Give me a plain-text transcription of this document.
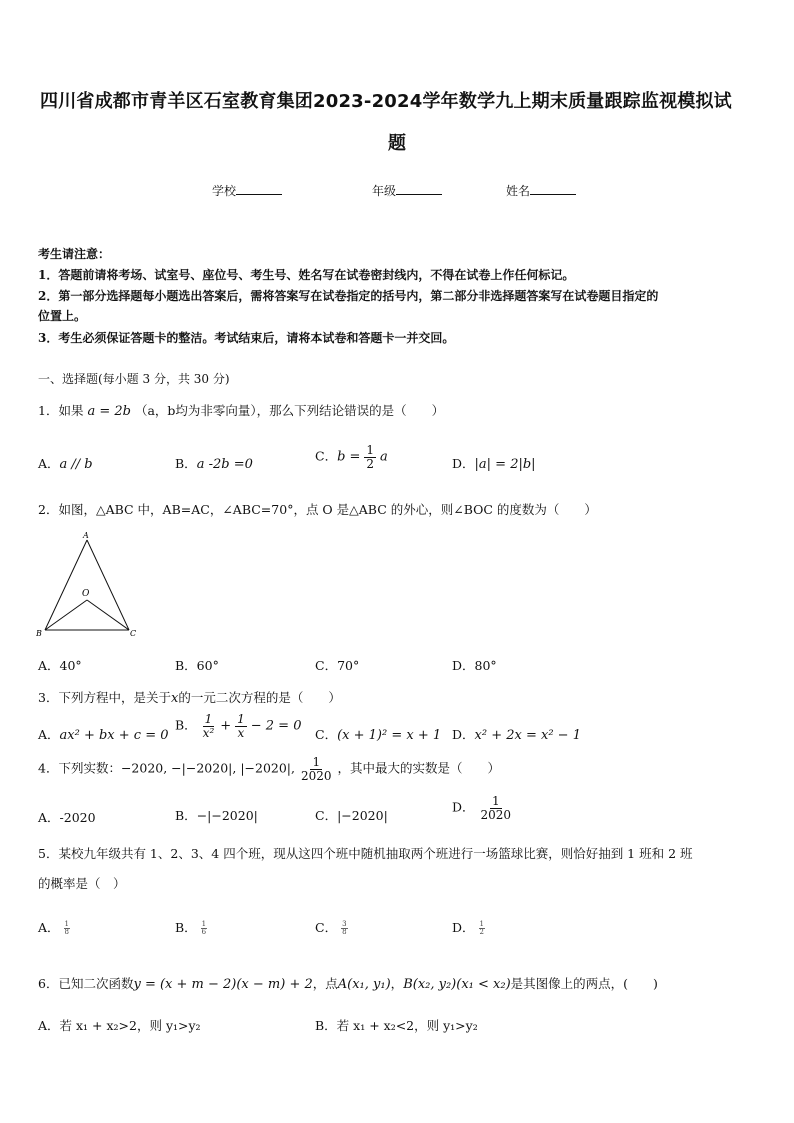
四川省成都市青羊区石室教育集团2023-2024学年数学九上期末质量跟踪监视模拟试
题
学校	年级	姓名
考生请注意：
1．答题前请将考场、试室号、座位号、考生号、姓名写在试卷密封线内，不得在试卷上作任何标记。
2．第一部分选择题每小题选出答案后，需将答案写在试卷指定的括号内，第二部分非选择题答案写在试卷题目指定的
位置上。
3．考生必须保证答题卡的整洁。考试结束后，请将本试卷和答题卡一并交回。
一、选择题(每小题 3 分，共 30 分)
1．如果 a = 2b （a，b均为非零向量），那么下列结论错误的是（　　）
A．a // b	B．a -2b =0
C．$b = \frac{1}{2}$ a	D．|a| = 2|b|
2．如图，△ABC 中，AB=AC，∠ABC=70°，点 O 是△ABC 的外心，则∠BOC 的度数为（　　）
A
O
B	C
A．40°	B．60°	C．70°	D．80°
3．下列方程中，是关于x的一元二次方程的是（　　）
A．ax² + bx + c = 0
B． $\frac{1}{\text{x²}} + \frac{1}{x} - 2 = 0$
C．(x + 1)² = x + 1 D．x² + 2x = x² − 1
4．下列实数：−2020, −|−2020|, |−2020|, $\frac{1}{2020}$ ，其中最大的实数是（　　）
A．-2020	B．−|−2020|	C．|−2020|
D． $\frac{1}{2020}$
5．某校九年级共有 1、2、3、4 四个班，现从这四个班中随机抽取两个班进行一场篮球比赛，则恰好抽到 1 班和 2 班
的概率是（　）
A． $\frac{1}{8}$	B． $\frac{1}{6}$	C． $\frac{3}{8}$	D． $\frac{1}{2}$
6．已知二次函数y = (x + m − 2)(x − m) + 2，点A(x₁, y₁)，B(x₂, y₂)(x₁ < x₂)是其图像上的两点，(　　)
A．若 x₁ + x₂>2，则 y₁>y₂	B．若 x₁ + x₂<2，则 y₁>y₂
